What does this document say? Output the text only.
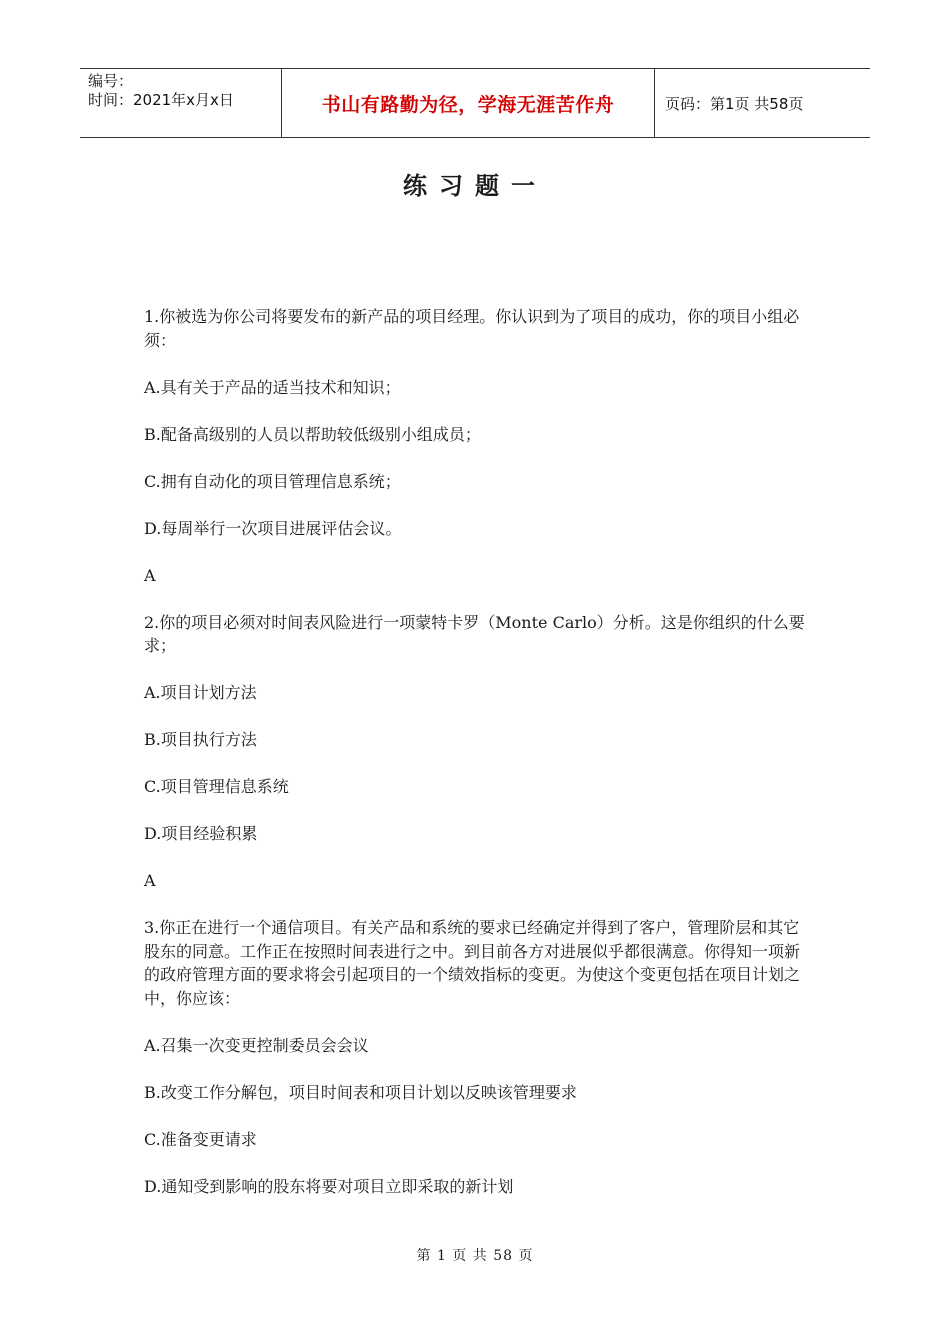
编号：
时间：2021年x月x日	书山有路勤为径，学海无涯苦作舟	页码：第1页 共58页
练习题一

1.你被选为你公司将要发布的新产品的项目经理。你认识到为了项目的成功，你的项目小组必须：

A.具有关于产品的适当技术和知识；

B.配备高级别的人员以帮助较低级别小组成员；

C.拥有自动化的项目管理信息系统；

D.每周举行一次项目进展评估会议。

A

2.你的项目必须对时间表风险进行一项蒙特卡罗（Monte Carlo）分析。这是你组织的什么要求；

A.项目计划方法

B.项目执行方法

C.项目管理信息系统

D.项目经验积累

A

3.你正在进行一个通信项目。有关产品和系统的要求已经确定并得到了客户，管理阶层和其它股东的同意。工作正在按照时间表进行之中。到目前各方对进展似乎都很满意。你得知一项新的政府管理方面的要求将会引起项目的一个绩效指标的变更。为使这个变更包括在项目计划之中，你应该：

A.召集一次变更控制委员会会议

B.改变工作分解包，项目时间表和项目计划以反映该管理要求

C.准备变更请求

D.通知受到影响的股东将要对项目立即采取的新计划

第 1 页 共 58 页
